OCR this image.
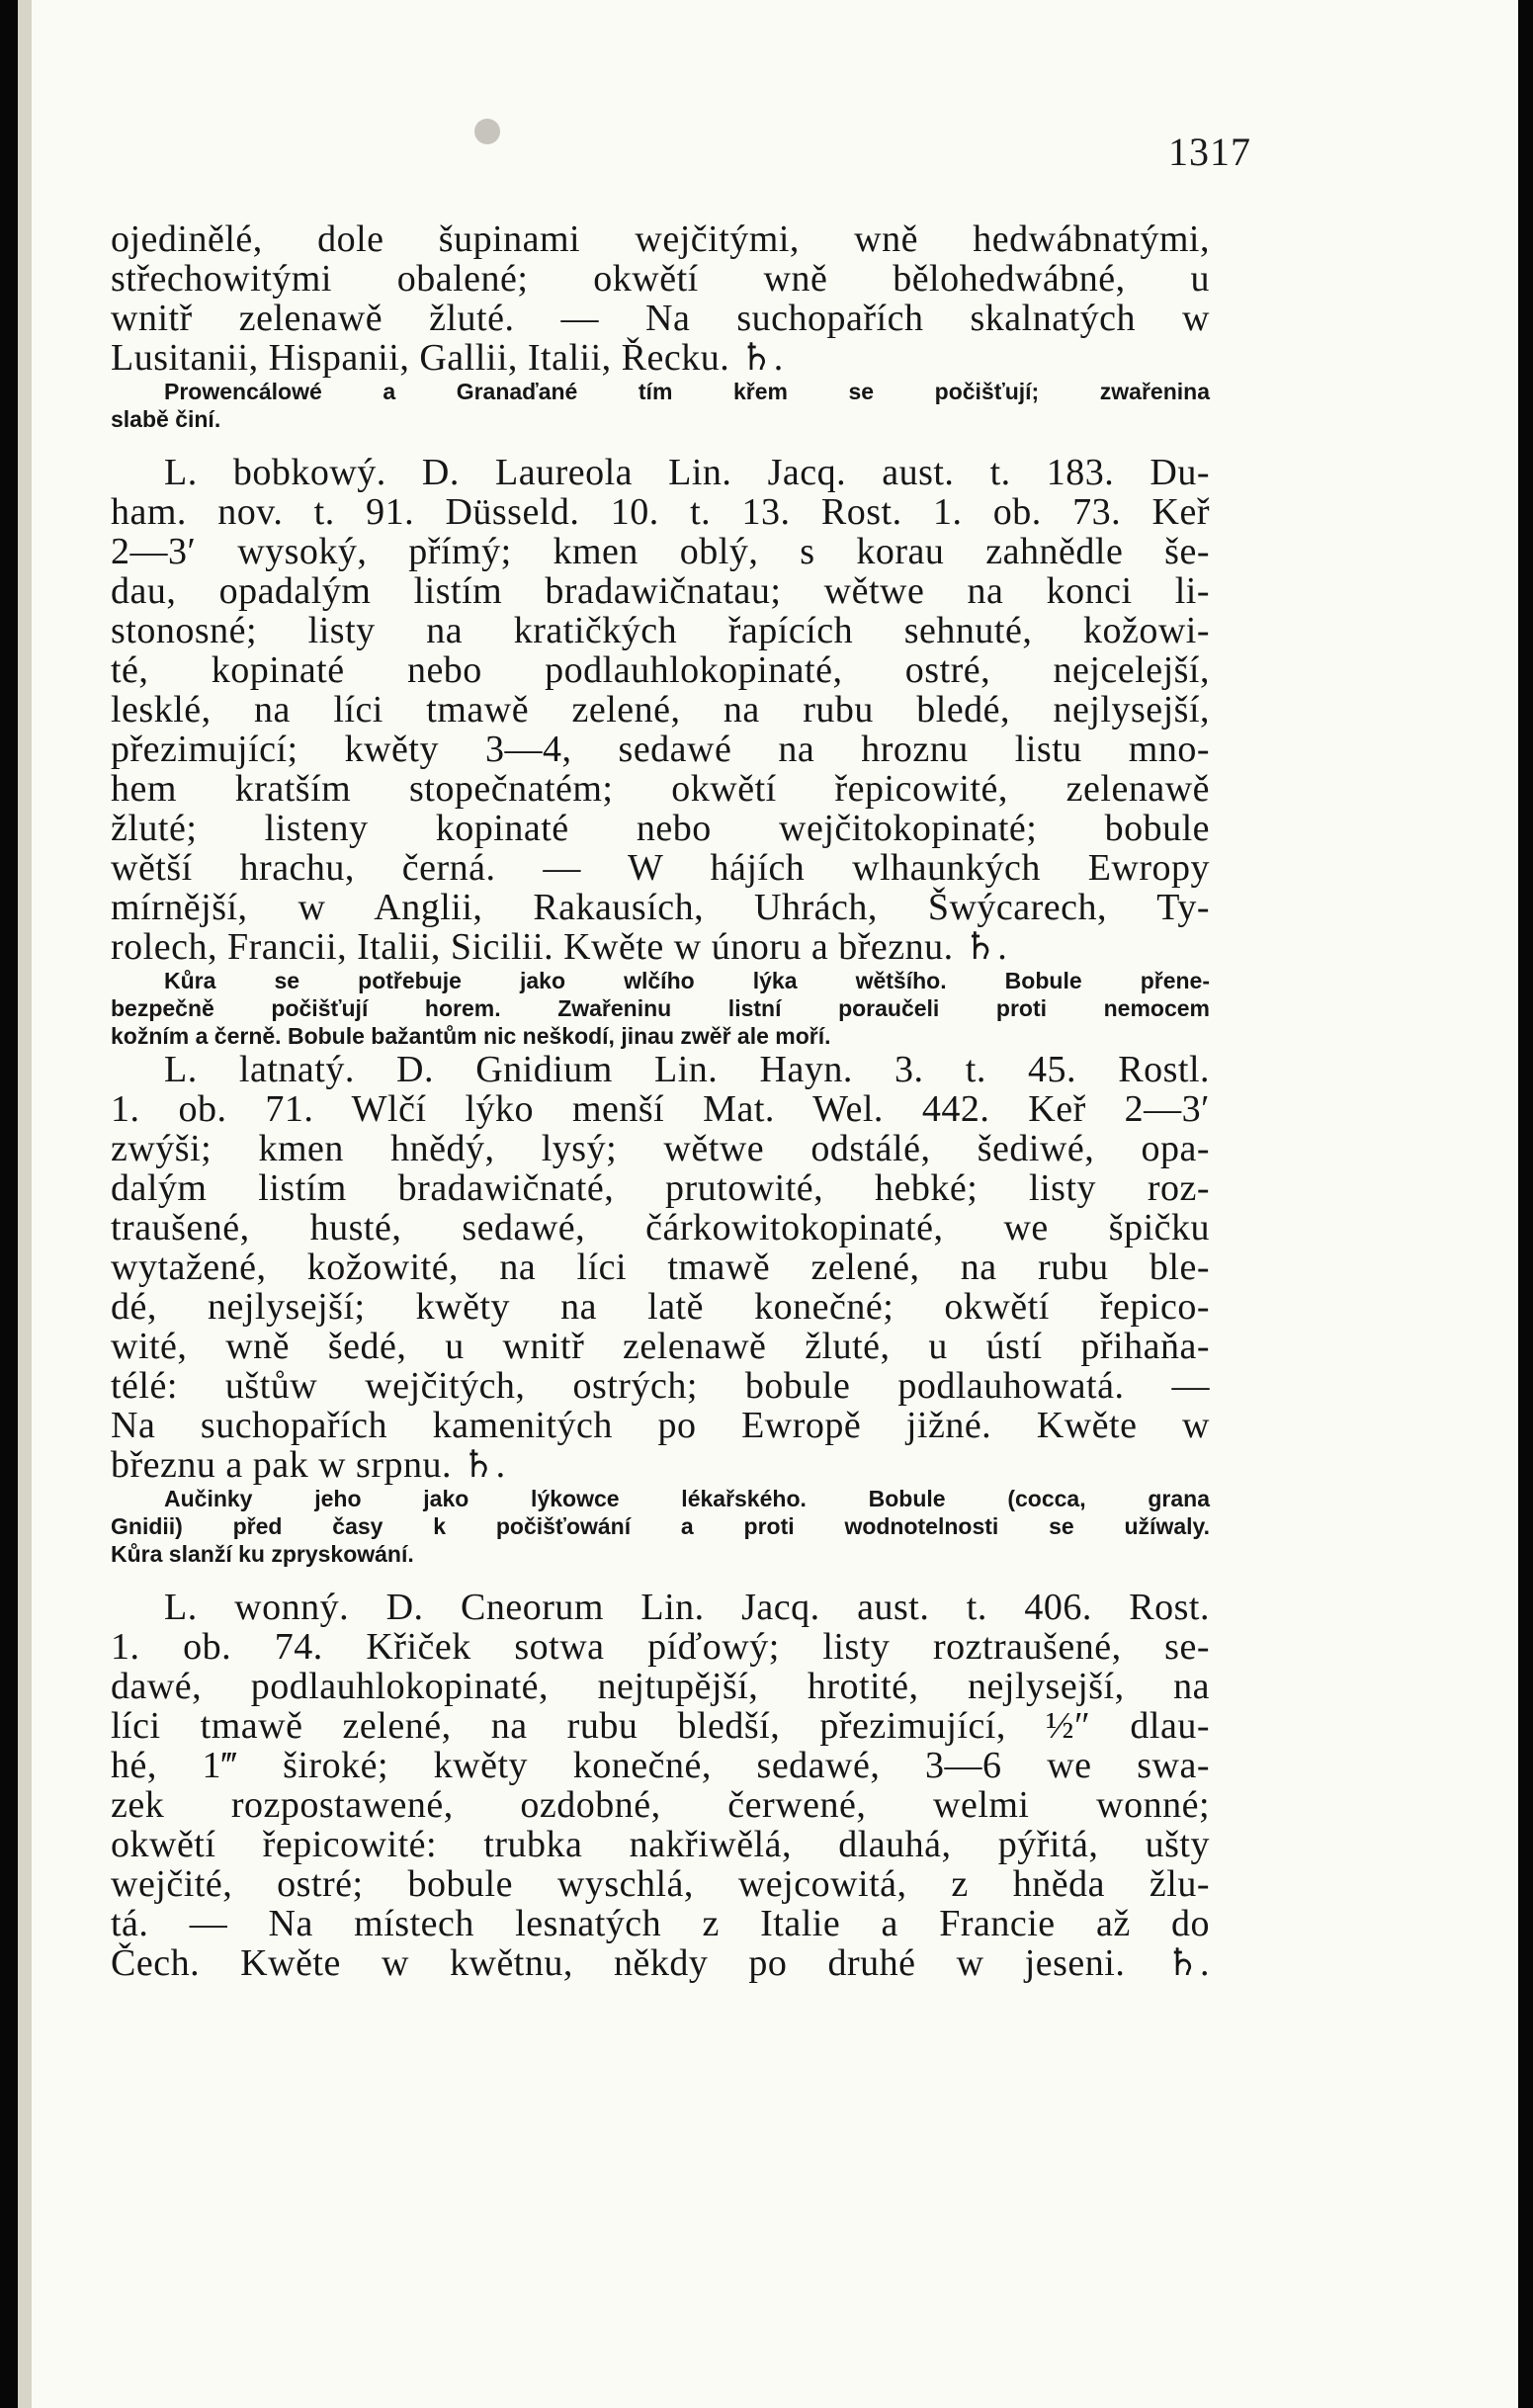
1317
ojedinělé, dole šupinami wejčitými, wně hedwábnatými,
střechowitými obalené; okwětí wně bělohedwábné, u
wnitř zelenawě žluté. — Na suchopařích skalnatých w
Lusitanii, Hispanii, Gallii, Italii, Řecku. ♄.
Prowencálowé a Granaďané tím křem se počišťují; zwařenina
slabě činí.
L. bobkowý. D. Laureola Lin. Jacq. aust. t. 183. Du-
ham. nov. t. 91. Düsseld. 10. t. 13. Rost. 1. ob. 73. Keř
2—3′ wysoký, přímý; kmen oblý, s korau zahnědle še-
dau, opadalým listím bradawičnatau; wětwe na konci li-
stonosné; listy na kratičkých řapících sehnuté, kožowi-
té, kopinaté nebo podlauhlokopinaté, ostré, nejcelejší,
lesklé, na líci tmawě zelené, na rubu bledé, nejlysejší,
přezimující; kwěty 3—4, sedawé na hroznu listu mno-
hem kratším stopečnatém; okwětí řepicowité, zelenawě
žluté; listeny kopinaté nebo wejčitokopinaté; bobule
wětší hrachu, černá. — W hájích wlhaunkých Ewropy
mírnější, w Anglii, Rakausích, Uhrách, Šwýcarech, Ty-
rolech, Francii, Italii, Sicilii. Kwěte w únoru a březnu. ♄.
Kůra se potřebuje jako wlčího lýka wětšího. Bobule přene-
bezpečně počišťují horem. Zwařeninu listní poraučeli proti nemocem
kožním a černě. Bobule bažantům nic neškodí, jinau zwěř ale moří.
L. latnatý. D. Gnidium Lin. Hayn. 3. t. 45. Rostl.
1. ob. 71. Wlčí lýko menší Mat. Wel. 442. Keř 2—3′
zwýši; kmen hnědý, lysý; wětwe odstálé, šediwé, opa-
dalým listím bradawičnaté, prutowité, hebké; listy roz-
traušené, husté, sedawé, čárkowitokopinaté, we špičku
wytažené, kožowité, na líci tmawě zelené, na rubu ble-
dé, nejlysejší; kwěty na latě konečné; okwětí řepico-
wité, wně šedé, u wnitř zelenawě žluté, u ústí přihaňa-
télé: uštůw wejčitých, ostrých; bobule podlauhowatá. —
Na suchopařích kamenitých po Ewropě jižné. Kwěte w
březnu a pak w srpnu. ♄.
Aučinky jeho jako lýkowce lékařského. Bobule (cocca, grana
Gnidii) před časy k počišťowání a proti wodnotelnosti se užíwaly.
Kůra slanží ku zpryskowání.
L. wonný. D. Cneorum Lin. Jacq. aust. t. 406. Rost.
1. ob. 74. Křiček sotwa píďowý; listy roztraušené, se-
dawé, podlauhlokopinaté, nejtupější, hrotité, nejlysejší, na
líci tmawě zelené, na rubu bledší, přezimující, ½″ dlau-
hé, 1‴ široké; kwěty konečné, sedawé, 3—6 we swa-
zek rozpostawené, ozdobné, čerwené, welmi wonné;
okwětí řepicowité: trubka nakřiwělá, dlauhá, pýřitá, ušty
wejčité, ostré; bobule wyschlá, wejcowitá, z hněda žlu-
tá. — Na místech lesnatých z Italie a Francie až do
Čech. Kwěte w kwětnu, někdy po druhé w jeseni. ♄.
